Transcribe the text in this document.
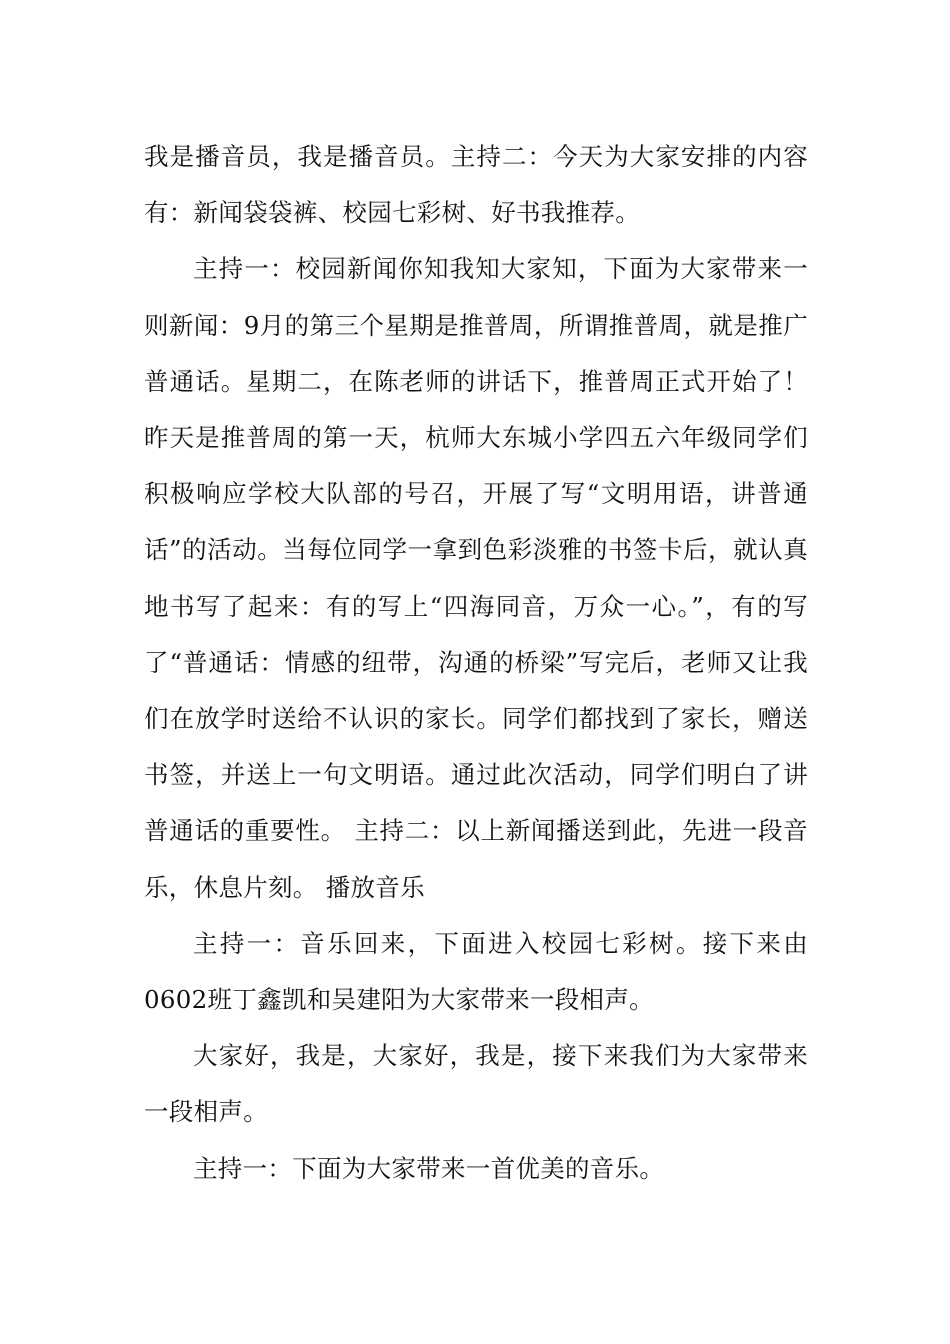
我是播音员，我是播音员。主持二：今天为大家安排的内容有：新闻袋袋裤、校园七彩树、好书我推荐。

主持一：校园新闻你知我知大家知，下面为大家带来一则新闻：9月的第三个星期是推普周，所谓推普周，就是推广普通话。星期二，在陈老师的讲话下，推普周正式开始了！昨天是推普周的第一天，杭师大东城小学四五六年级同学们积极响应学校大队部的号召，开展了写“文明用语，讲普通话”的活动。当每位同学一拿到色彩淡雅的书签卡后，就认真地书写了起来：有的写上“四海同音，万众一心。”，有的写了“普通话：情感的纽带，沟通的桥梁”写完后，老师又让我们在放学时送给不认识的家长。同学们都找到了家长，赠送书签，并送上一句文明语。通过此次活动，同学们明白了讲普通话的重要性。 主持二：以上新闻播送到此，先进一段音乐，休息片刻。 播放音乐

主持一：音乐回来，下面进入校园七彩树。接下来由0602班丁鑫凯和吴建阳为大家带来一段相声。

大家好，我是，大家好，我是，接下来我们为大家带来一段相声。

主持一：下面为大家带来一首优美的音乐。
